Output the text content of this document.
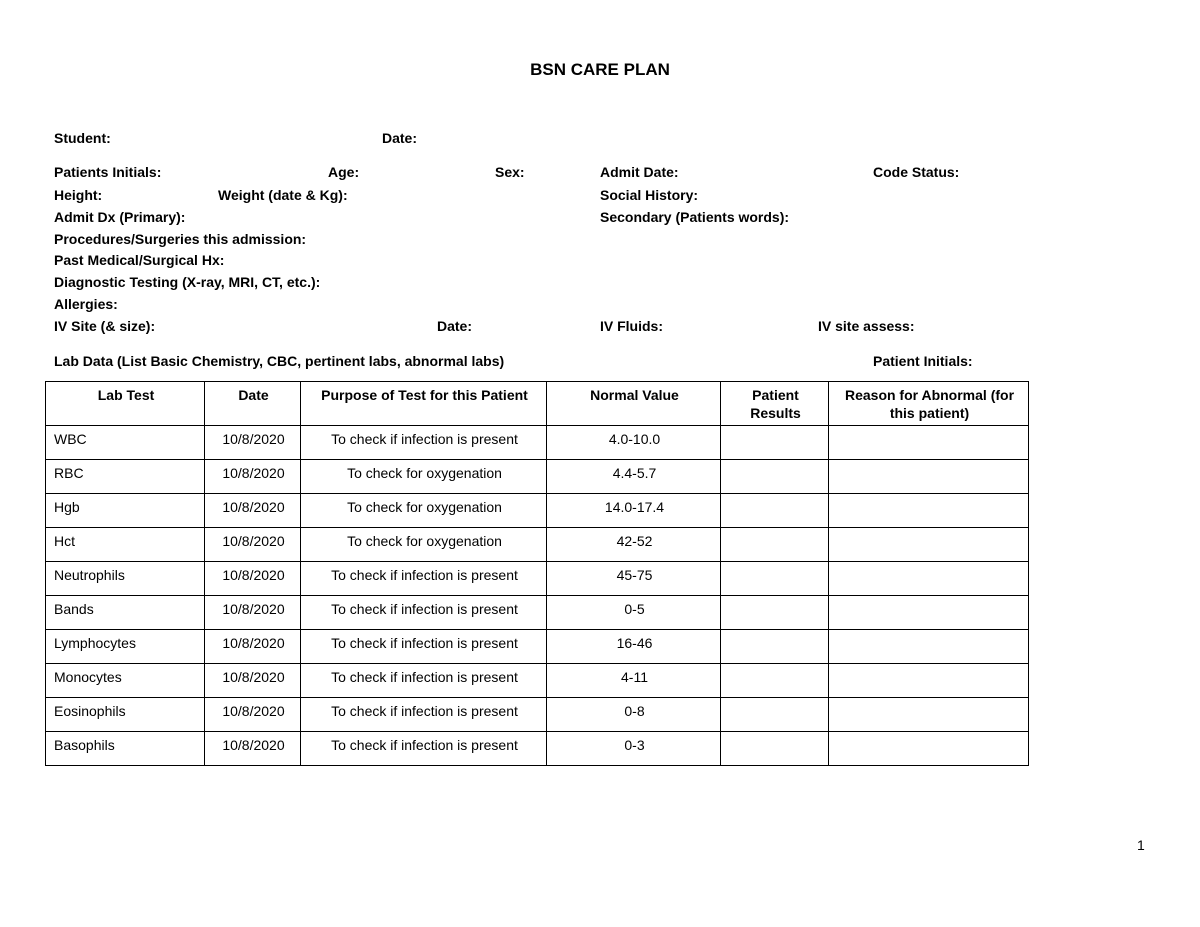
BSN CARE PLAN
Student:	Date:
Patients Initials:	Age:	Sex:	Admit Date:	Code Status:
Height:	Weight (date & Kg):	Social History:
Admit Dx (Primary):	Secondary (Patients words):
Procedures/Surgeries this admission:
Past Medical/Surgical Hx:
Diagnostic Testing (X-ray, MRI, CT, etc.):
Allergies:
IV Site (& size):	Date:	IV Fluids:	IV site assess:
Lab Data (List Basic Chemistry, CBC, pertinent labs, abnormal labs)	Patient Initials:
Lab Test	Date	Purpose of Test for this Patient	Normal Value	Patient Results	Reason for Abnormal (for this patient)
WBC	10/8/2020	To check if infection is present	4.0-10.0		
RBC	10/8/2020	To check for oxygenation	4.4-5.7		
Hgb	10/8/2020	To check for oxygenation	14.0-17.4		
Hct	10/8/2020	To check for oxygenation	42-52		
Neutrophils	10/8/2020	To check if infection is present	45-75		
Bands	10/8/2020	To check if infection is present	0-5		
Lymphocytes	10/8/2020	To check if infection is present	16-46		
Monocytes	10/8/2020	To check if infection is present	4-11		
Eosinophils	10/8/2020	To check if infection is present	0-8		
Basophils	10/8/2020	To check if infection is present	0-3		
1
